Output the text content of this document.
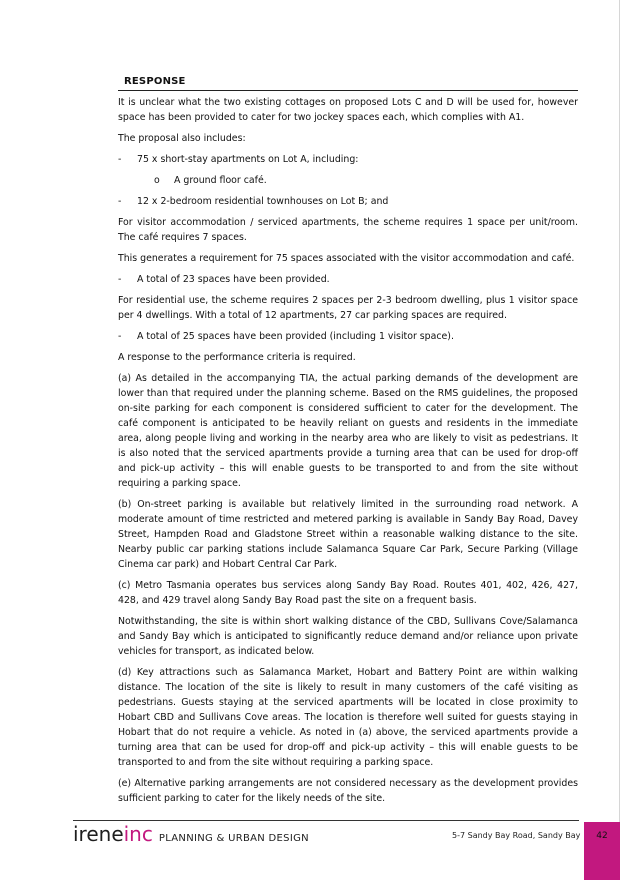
RESPONSE

It is unclear what the two existing cottages on proposed Lots C and D will be used for, however space has been provided to cater for two jockey spaces each, which complies with A1.

The proposal also includes:

-	75 x short-stay apartments on Lot A, including:
o	A ground floor café.
-	12 x 2-bedroom residential townhouses on Lot B; and

For visitor accommodation / serviced apartments, the scheme requires 1 space per unit/room. The café requires 7 spaces.

This generates a requirement for 75 spaces associated with the visitor accommodation and café.

-	A total of 23 spaces have been provided.

For residential use, the scheme requires 2 spaces per 2-3 bedroom dwelling, plus 1 visitor space per 4 dwellings. With a total of 12 apartments, 27 car parking spaces are required.

-	A total of 25 spaces have been provided (including 1 visitor space).

A response to the performance criteria is required.

(a) As detailed in the accompanying TIA, the actual parking demands of the development are lower than that required under the planning scheme. Based on the RMS guidelines, the proposed on-site parking for each component is considered sufficient to cater for the development. The café component is anticipated to be heavily reliant on guests and residents in the immediate area, along people living and working in the nearby area who are likely to visit as pedestrians. It is also noted that the serviced apartments provide a turning area that can be used for drop-off and pick-up activity – this will enable guests to be transported to and from the site without requiring a parking space.

(b) On-street parking is available but relatively limited in the surrounding road network. A moderate amount of time restricted and metered parking is available in Sandy Bay Road, Davey Street, Hampden Road and Gladstone Street within a reasonable walking distance to the site. Nearby public car parking stations include Salamanca Square Car Park, Secure Parking (Village Cinema car park) and Hobart Central Car Park.

(c) Metro Tasmania operates bus services along Sandy Bay Road. Routes 401, 402, 426, 427, 428, and 429 travel along Sandy Bay Road past the site on a frequent basis.

Notwithstanding, the site is within short walking distance of the CBD, Sullivans Cove/Salamanca and Sandy Bay which is anticipated to significantly reduce demand and/or reliance upon private vehicles for transport, as indicated below.

(d) Key attractions such as Salamanca Market, Hobart and Battery Point are within walking distance. The location of the site is likely to result in many customers of the café visiting as pedestrians. Guests staying at the serviced apartments will be located in close proximity to Hobart CBD and Sullivans Cove areas. The location is therefore well suited for guests staying in Hobart that do not require a vehicle. As noted in (a) above, the serviced apartments provide a turning area that can be used for drop-off and pick-up activity – this will enable guests to be transported to and from the site without requiring a parking space.

(e) Alternative parking arrangements are not considered necessary as the development provides sufficient parking to cater for the likely needs of the site.

ireneinc PLANNING & URBAN DESIGN	5-7 Sandy Bay Road, Sandy Bay	42
